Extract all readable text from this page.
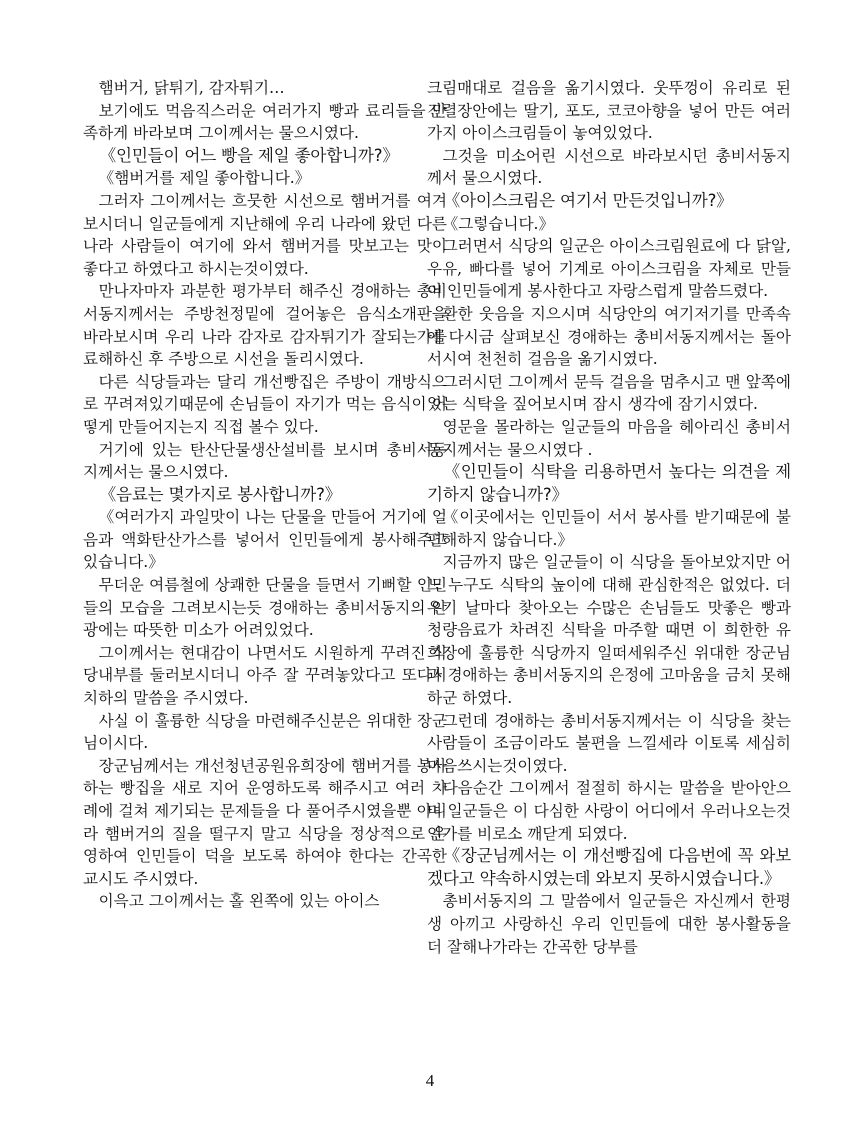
햄버거, 닭튀기, 감자튀기…

보기에도 먹음직스러운 여러가지 빵과 료리들을 만족하게 바라보며 그이께서는 물으시였다.

《인민들이 어느 빵을 제일 좋아합니까?》

《햄버거를 제일 좋아합니다.》

그러자 그이께서는 흐뭇한 시선으로 햄버거를 여겨보시더니 일군들에게 지난해에 우리 나라에 왔던 다른 나라 사람들이 여기에 와서 햄버거를 맛보고는 맛이 좋다고 하였다고 하시는것이였다.

만나자마자 과분한 평가부터 해주신 경애하는 총비서동지께서는 주방천정밑에 걸어놓은 음식소개판을 바라보시며 우리 나라 감자로 감자튀기가 잘되는가를 료해하신 후 주방으로 시선을 돌리시였다.

다른 식당들과는 달리 개선빵집은 주방이 개방식으로 꾸려져있기때문에 손님들이 자기가 먹는 음식이 어떻게 만들어지는지 직접 볼수 있다.

거기에 있는 탄산단물생산설비를 보시며 총비서동지께서는 물으시였다.

《음료는 몇가지로 봉사합니까?》

《여러가지 과일맛이 나는 단물을 만들어 거기에 얼음과 액화탄산가스를 넣어서 인민들에게 봉사해주고있습니다.》

무더운 여름철에 상쾌한 단물을 들면서 기뻐할 인민들의 모습을 그려보시는듯 경애하는 총비서동지의 안광에는 따뜻한 미소가 어려있었다.

그이께서는 현대감이 나면서도 시원하게 꾸려진 식당내부를 둘러보시더니 아주 잘 꾸려놓았다고 또다시 치하의 말씀을 주시였다.

사실 이 훌륭한 식당을 마련해주신분은 위대한 장군님이시다.

장군님께서는 개선청년공원유희장에 햄버거를 봉사하는 빵집을 새로 지어 운영하도록 해주시고 여러 차례에 걸쳐 제기되는 문제들을 다 풀어주시였을뿐 아니라 햄버거의 질을 떨구지 말고 식당을 정상적으로 운영하여 인민들이 덕을 보도록 하여야 한다는 간곡한 교시도 주시였다.

이윽고 그이께서는 홀 왼쪽에 있는 아이스

크림매대로 걸음을 옮기시였다. 웃뚜껑이 유리로 된 진렬장안에는 딸기, 포도, 코코아향을 넣어 만든 여러가지 아이스크림들이 놓여있었다.

그것을 미소어린 시선으로 바라보시던 총비서동지께서 물으시였다.

《아이스크림은 여기서 만든것입니까?》

《그렇습니다.》

그러면서 식당의 일군은 아이스크림원료에 다 닭알, 우유, 빠다를 넣어 기계로 아이스크림을 자체로 만들어 인민들에게 봉사한다고 자랑스럽게 말씀드렸다.

환한 웃음을 지으시며 식당안의 여기저기를 만족속에 다시금 살펴보신 경애하는 총비서동지께서는 돌아서시여 천천히 걸음을 옮기시였다.

그러시던 그이께서 문득 걸음을 멈추시고 맨 앞쪽에 있는 식탁을 짚어보시며 잠시 생각에 잠기시였다.

영문을 몰라하는 일군들의 마음을 헤아리신 총비서동지께서는 물으시였다 .

《인민들이 식탁을 리용하면서 높다는 의견을 제기하지 않습니까?》

《이곳에서는 인민들이 서서 봉사를 받기때문에 불편해하지 않습니다.》

지금까지 많은 일군들이 이 식당을 돌아보았지만 어느 누구도 식탁의 높이에 대해 관심한적은 없었다. 더우기 날마다 찾아오는 수많은 손님들도 맛좋은 빵과 청량음료가 차려진 식탁을 마주할 때면 이 희한한 유희장에 훌륭한 식당까지 일떠세워주신 위대한 장군님과 경애하는 총비서동지의 은정에 고마움을 금치 못해하군 하였다.

그런데 경애하는 총비서동지께서는 이 식당을 찾는 사람들이 조금이라도 불편을 느낄세라 이토록 세심히 마음쓰시는것이였다.

다음순간 그이께서 절절히 하시는 말씀을 받아안으며 일군들은 이 다심한 사랑이 어디에서 우러나오는것인가를 비로소 깨닫게 되였다.

《장군님께서는 이 개선빵집에 다음번에 꼭 와보겠다고 약속하시였는데 와보지 못하시였습니다.》

총비서동지의 그 말씀에서 일군들은 자신께서 한평생 아끼고 사랑하신 우리 인민들에 대한 봉사활동을 더 잘해나가라는 간곡한 당부를

4
